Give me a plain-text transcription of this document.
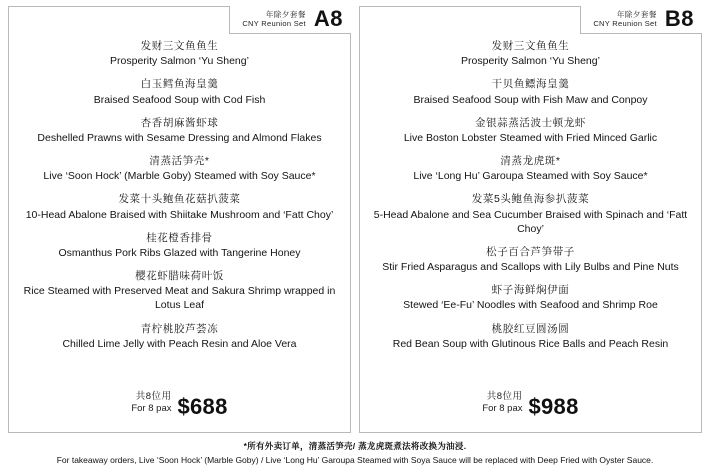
年除夕套餐
CNY Reunion Set A8
发财三文鱼鱼生
Prosperity Salmon ‘Yu Sheng’
白玉鳕鱼海皇羹
Braised Seafood Soup with Cod Fish
杏香胡麻酱虾球
Deshelled Prawns with Sesame Dressing and Almond Flakes
清蒸活笋壳*
Live ‘Soon Hock’ (Marble Goby) Steamed with Soy Sauce*
发菜十头鲍鱼花菇扒菠菜
10-Head Abalone Braised with Shiitake Mushroom and ‘Fatt Choy’
桂花橙香排骨
Osmanthus Pork Ribs Glazed with Tangerine Honey
樱花虾腊味荷叶饭
Rice Steamed with Preserved Meat and Sakura Shrimp wrapped in Lotus Leaf
青柠桃胶芦荟冻
Chilled Lime Jelly with Peach Resin and Aloe Vera
共8位用
For 8 pax $688
年除夕套餐
CNY Reunion Set B8
发财三文鱼鱼生
Prosperity Salmon ‘Yu Sheng’
干贝鱼鳔海皇羹
Braised Seafood Soup with Fish Maw and Conpoy
金银蒜蒸活波士顿龙虾
Live Boston Lobster Steamed with Fried Minced Garlic
清蒸龙虎斑*
Live ‘Long Hu’ Garoupa Steamed with Soy Sauce*
发菜5头鲍鱼海参扒菠菜
5-Head Abalone and Sea Cucumber Braised with Spinach and ‘Fatt Choy’
松子百合芦笋带子
Stir Fried Asparagus and Scallops with Lily Bulbs and Pine Nuts
虾子海鲜焖伊面
Stewed ‘Ee-Fu’ Noodles with Seafood and Shrimp Roe
桃胶红豆圆汤圆
Red Bean Soup with Glutinous Rice Balls and Peach Resin
共8位用
For 8 pax $988
*所有外卖订单，清蒸活笋壳/ 蒸龙虎斑煮法将改换为油浸.
For takeaway orders, Live ‘Soon Hock’ (Marble Goby) / Live ‘Long Hu’ Garoupa Steamed with Soya Sauce will be replaced with Deep Fried with Oyster Sauce.
